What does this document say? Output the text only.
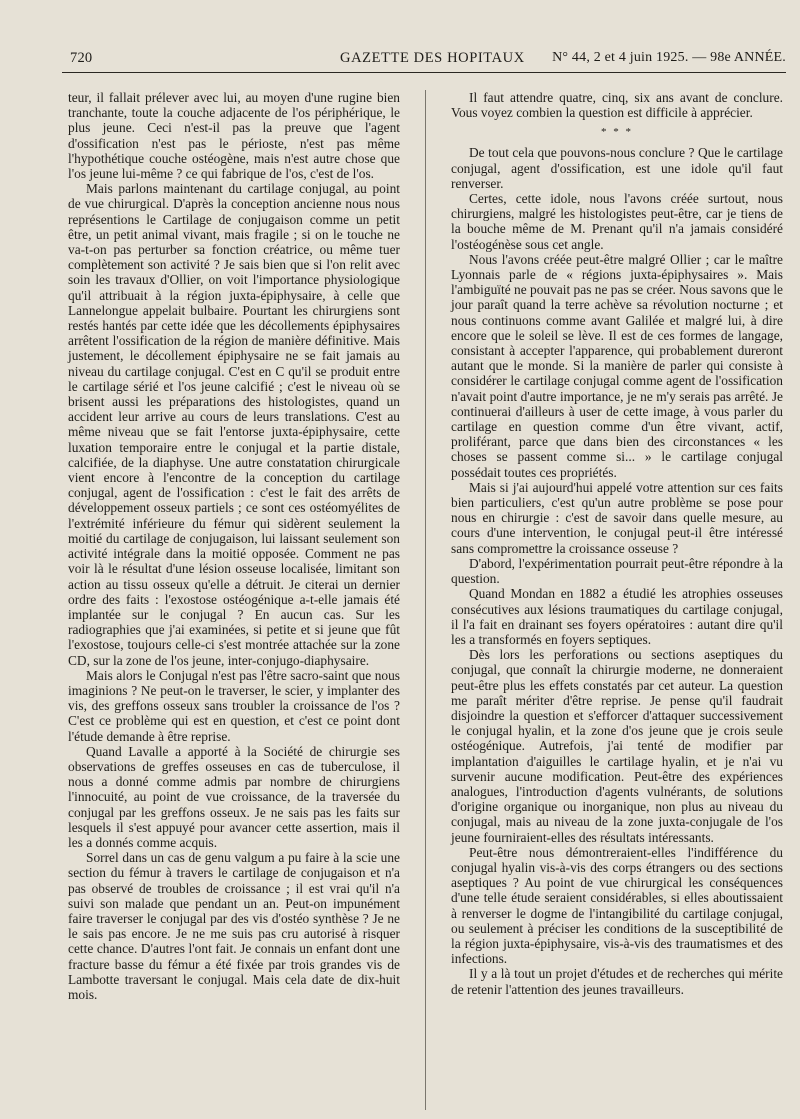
720	GAZETTE DES HOPITAUX N° 44, 2 et 4 juin 1925. — 98e ANNÉE.

teur, il fallait prélever avec lui, au moyen d'une rugine bien tranchante, toute la couche adjacente de l'os périphérique, le plus jeune. Ceci n'est-il pas la preuve que l'agent d'ossification n'est pas le périoste, n'est pas même l'hypothétique couche ostéogène, mais n'est autre chose que l'os jeune lui-même ? ce qui fabrique de l'os, c'est de l'os.

Mais parlons maintenant du cartilage conjugal, au point de vue chirurgical. D'après la conception ancienne nous nous représentions le Cartilage de conjugaison comme un petit être, un petit animal vivant, mais fragile ; si on le touche ne va-t-on pas perturber sa fonction créatrice, ou même tuer complètement son activité ? Je sais bien que si l'on relit avec soin les travaux d'Ollier, on voit l'importance physiologique qu'il attribuait à la région juxta-épiphysaire, à celle que Lannelongue appelait bulbaire. Pourtant les chirurgiens sont restés hantés par cette idée que les décollements épiphysaires arrêtent l'ossification de la région de manière définitive. Mais justement, le décollement épiphysaire ne se fait jamais au niveau du cartilage conjugal. C'est en C qu'il se produit entre le cartilage sérié et l'os jeune calcifié ; c'est le niveau où se brisent aussi les préparations des histologistes, quand un accident leur arrive au cours de leurs translations. C'est au même niveau que se fait l'entorse juxta-épiphysaire, cette luxation temporaire entre le conjugal et la partie distale, calcifiée, de la diaphyse. Une autre constatation chirurgicale vient encore à l'encontre de la conception du cartilage conjugal, agent de l'ossification : c'est le fait des arrêts de développement osseux partiels ; ce sont ces ostéomyélites de l'extrémité inférieure du fémur qui sidèrent seulement la moitié du cartilage de conjugaison, lui laissant seulement son activité intégrale dans la moitié opposée. Comment ne pas voir là le résultat d'une lésion osseuse localisée, limitant son action au tissu osseux qu'elle a détruit. Je citerai un dernier ordre des faits : l'exostose ostéogénique a-t-elle jamais été implantée sur le conjugal ? En aucun cas. Sur les radiographies que j'ai examinées, si petite et si jeune que fût l'exostose, toujours celle-ci s'est montrée attachée sur la zone CD, sur la zone de l'os jeune, inter-conjugo-diaphysaire.

Mais alors le Conjugal n'est pas l'être sacro-saint que nous imaginions ? Ne peut-on le traverser, le scier, y implanter des vis, des greffons osseux sans troubler la croissance de l'os ? C'est ce problème qui est en question, et c'est ce point dont l'étude demande à être reprise.

Quand Lavalle a apporté à la Société de chirurgie ses observations de greffes osseuses en cas de tuberculose, il nous a donné comme admis par nombre de chirurgiens l'innocuité, au point de vue croissance, de la traversée du conjugal par les greffons osseux. Je ne sais pas les faits sur lesquels il s'est appuyé pour avancer cette assertion, mais il les a donnés comme acquis.

Sorrel dans un cas de genu valgum a pu faire à la scie une section du fémur à travers le cartilage de conjugaison et n'a pas observé de troubles de croissance ; il est vrai qu'il n'a suivi son malade que pendant un an. Peut-on impunément faire traverser le conjugal par des vis d'ostéo synthèse ? Je ne le sais pas encore. Je ne me suis pas cru autorisé à risquer cette chance. D'autres l'ont fait. Je connais un enfant dont une fracture basse du fémur a été fixée par trois grandes vis de Lambotte traversant le conjugal. Mais cela date de dix-huit mois.

Il faut attendre quatre, cinq, six ans avant de conclure. Vous voyez combien la question est difficile à apprécier.

* * *

De tout cela que pouvons-nous conclure ? Que le cartilage conjugal, agent d'ossification, est une idole qu'il faut renverser.

Certes, cette idole, nous l'avons créée surtout, nous chirurgiens, malgré les histologistes peut-être, car je tiens de la bouche même de M. Prenant qu'il n'a jamais considéré l'ostéogénèse sous cet angle.

Nous l'avons créée peut-être malgré Ollier ; car le maître Lyonnais parle de « régions juxta-épiphysaires ». Mais l'ambiguïté ne pouvait pas ne pas se créer. Nous savons que le jour paraît quand la terre achève sa révolution nocturne ; et nous continuons comme avant Galilée et malgré lui, à dire encore que le soleil se lève. Il est de ces formes de langage, consistant à accepter l'apparence, qui probablement dureront autant que le monde. Si la manière de parler qui consiste à considérer le cartilage conjugal comme agent de l'ossification n'avait point d'autre importance, je ne m'y serais pas arrêté. Je continuerai d'ailleurs à user de cette image, à vous parler du cartilage en question comme d'un être vivant, actif, proliférant, parce que dans bien des circonstances « les choses se passent comme si... » le cartilage conjugal possédait toutes ces propriétés.

Mais si j'ai aujourd'hui appelé votre attention sur ces faits bien particuliers, c'est qu'un autre problème se pose pour nous en chirurgie : c'est de savoir dans quelle mesure, au cours d'une intervention, le conjugal peut-il être intéressé sans compromettre la croissance osseuse ?

D'abord, l'expérimentation pourrait peut-être répondre à la question.

Quand Mondan en 1882 a étudié les atrophies osseuses consécutives aux lésions traumatiques du cartilage conjugal, il l'a fait en drainant ses foyers opératoires : autant dire qu'il les a transformés en foyers septiques.

Dès lors les perforations ou sections aseptiques du conjugal, que connaît la chirurgie moderne, ne donneraient peut-être plus les effets constatés par cet auteur. La question me paraît mériter d'être reprise. Je pense qu'il faudrait disjoindre la question et s'efforcer d'attaquer successivement le conjugal hyalin, et la zone d'os jeune que je crois seule ostéogénique. Autrefois, j'ai tenté de modifier par implantation d'aiguilles le cartilage hyalin, et je n'ai vu survenir aucune modification. Peut-être des expériences analogues, l'introduction d'agents vulnérants, de solutions d'origine organique ou inorganique, non plus au niveau du conjugal, mais au niveau de la zone juxta-conjugale de l'os jeune fourniraient-elles des résultats intéressants.

Peut-être nous démontreraient-elles l'indifférence du conjugal hyalin vis-à-vis des corps étrangers ou des sections aseptiques ? Au point de vue chirurgical les conséquences d'une telle étude seraient considérables, si elles aboutissaient à renverser le dogme de l'intangibilité du cartilage conjugal, ou seulement à préciser les conditions de la susceptibilité de la région juxta-épiphysaire, vis-à-vis des traumatismes et des infections.

Il y a là tout un projet d'études et de recherches qui mérite de retenir l'attention des jeunes travailleurs.
